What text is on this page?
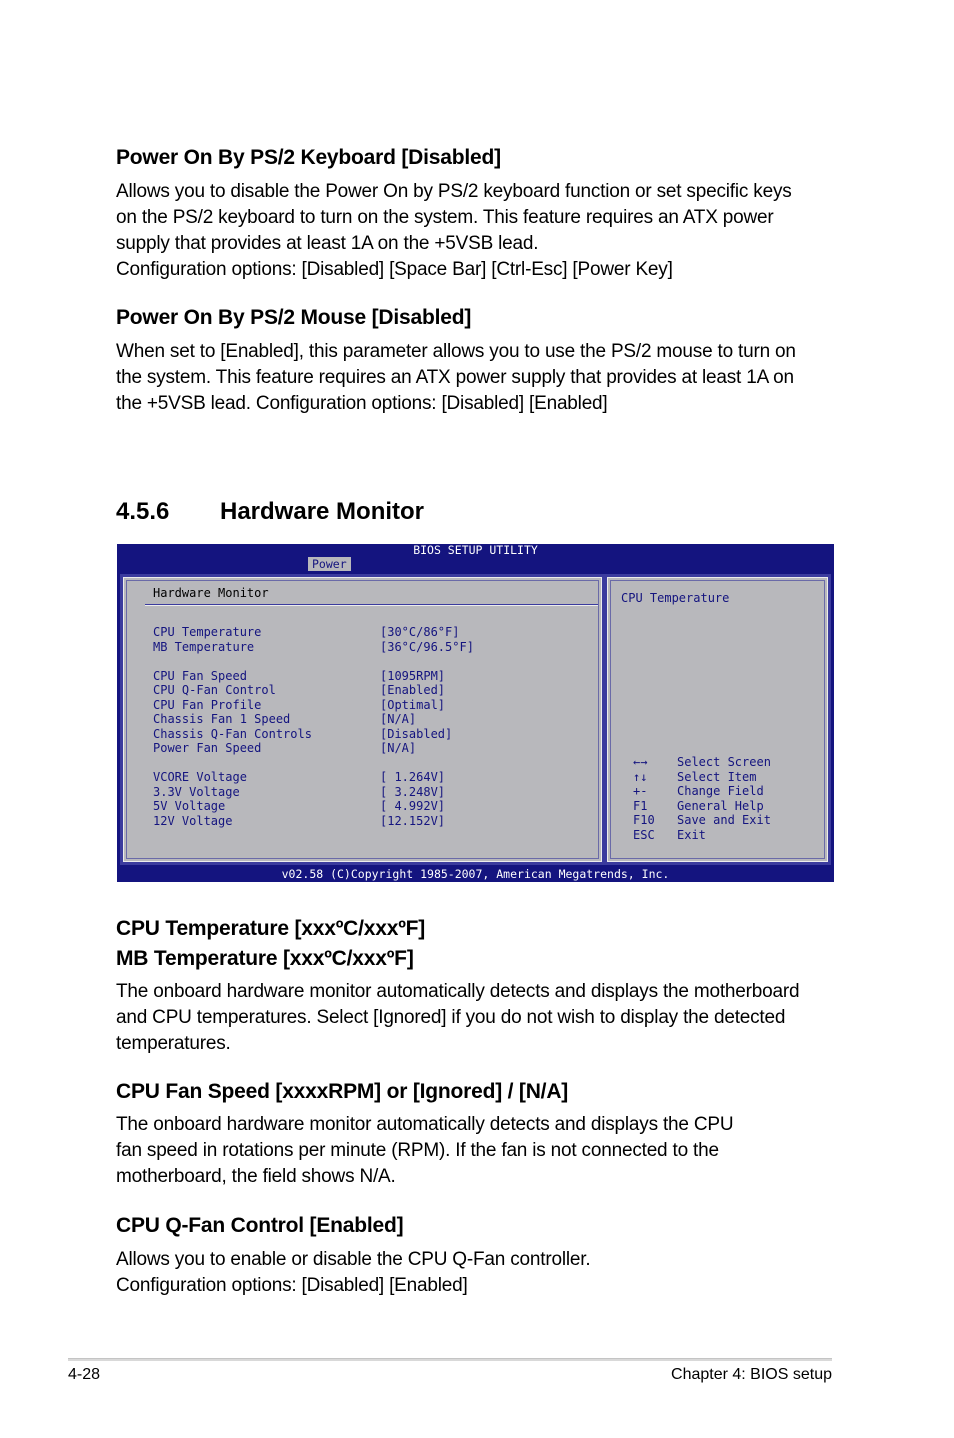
Power On By PS/2 Keyboard [Disabled]
Allows you to disable the Power On by PS/2 keyboard function or set specific keys
on the PS/2 keyboard to turn on the system. This feature requires an ATX power
supply that provides at least 1A on the +5VSB lead.
Configuration options: [Disabled] [Space Bar] [Ctrl-Esc] [Power Key]
Power On By PS/2 Mouse [Disabled]
When set to [Enabled], this parameter allows you to use the PS/2 mouse to turn on
the system. This feature requires an ATX power supply that provides at least 1A on
the +5VSB lead. Configuration options: [Disabled] [Enabled]
4.5.6 Hardware Monitor
BIOS SETUP UTILITY
Power
Hardware Monitor
CPU Temperature	[30°C/86°F]
MB Temperature	[36°C/96.5°F]
CPU Fan Speed	[1095RPM]
CPU Q-Fan Control	[Enabled]
CPU Fan Profile	[Optimal]
Chassis Fan 1 Speed	[N/A]
Chassis Q-Fan Controls	[Disabled]
Power Fan Speed	[N/A]
VCORE Voltage	[ 1.264V]
3.3V Voltage	[ 3.248V]
5V Voltage	[ 4.992V]
12V Voltage	[12.152V]
CPU Temperature
←→ Select Screen
↑↓ Select Item
+- Change Field
F1 General Help
F10 Save and Exit
ESC Exit
v02.58 (C)Copyright 1985-2007, American Megatrends, Inc.
CPU Temperature [xxxºC/xxxºF]
MB Temperature [xxxºC/xxxºF]
The onboard hardware monitor automatically detects and displays the motherboard
and CPU temperatures. Select [Ignored] if you do not wish to display the detected
temperatures.
CPU Fan Speed [xxxxRPM] or [Ignored] / [N/A]
The onboard hardware monitor automatically detects and displays the CPU
fan speed in rotations per minute (RPM). If the fan is not connected to the
motherboard, the field shows N/A.
CPU Q-Fan Control [Enabled]
Allows you to enable or disable the CPU Q-Fan controller.
Configuration options: [Disabled] [Enabled]
4-28	Chapter 4: BIOS setup
